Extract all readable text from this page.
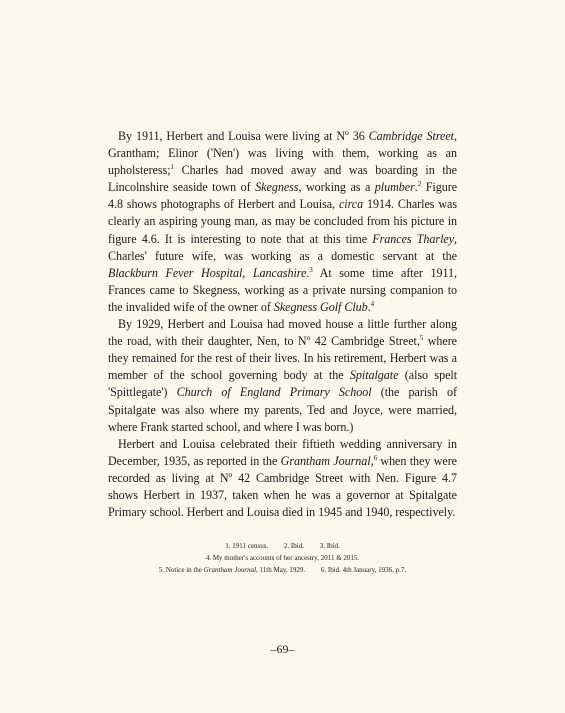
By 1911, Herbert and Louisa were living at Nº 36 Cambridge Street, Grantham; Elinor ('Nen') was living with them, working as an upholsteress;$^1$ Charles had moved away and was boarding in the Lincolnshire seaside town of Skegness, working as a plumber.$^2$ Figure 4.8 shows photographs of Herbert and Louisa, circa 1914. Charles was clearly an aspiring young man, as may be concluded from his picture in figure 4.6. It is interesting to note that at this time Frances Tharley, Charles' future wife, was working as a domestic servant at the Blackburn Fever Hospital, Lancashire.$^3$ At some time after 1911, Frances came to Skegness, working as a private nursing companion to the invalided wife of the owner of Skegness Golf Club.$^4$

By 1929, Herbert and Louisa had moved house a little further along the road, with their daughter, Nen, to Nº 42 Cambridge Street,$^5$ where they remained for the rest of their lives. In his retirement, Herbert was a member of the school governing body at the Spitalgate (also spelt 'Spittlegate') Church of England Primary School (the parish of Spitalgate was also where my parents, Ted and Joyce, were married, where Frank started school, and where I was born.)

Herbert and Louisa celebrated their fiftieth wedding anniversary in December, 1935, as reported in the Grantham Journal,$^6$ when they were recorded as living at Nº 42 Cambridge Street with Nen. Figure 4.7 shows Herbert in 1937, taken when he was a governor at Spitalgate Primary school. Herbert and Louisa died in 1945 and 1940, respectively.

1. 1911 census. 2. Ibid. 3. Ibid.

4. My mother's accounts of her ancestry, 2011 & 2015.

5. Notice in the Grantham Journal, 11th May, 1929. 6. Ibid. 4th January, 1936, p.7.

–69–
